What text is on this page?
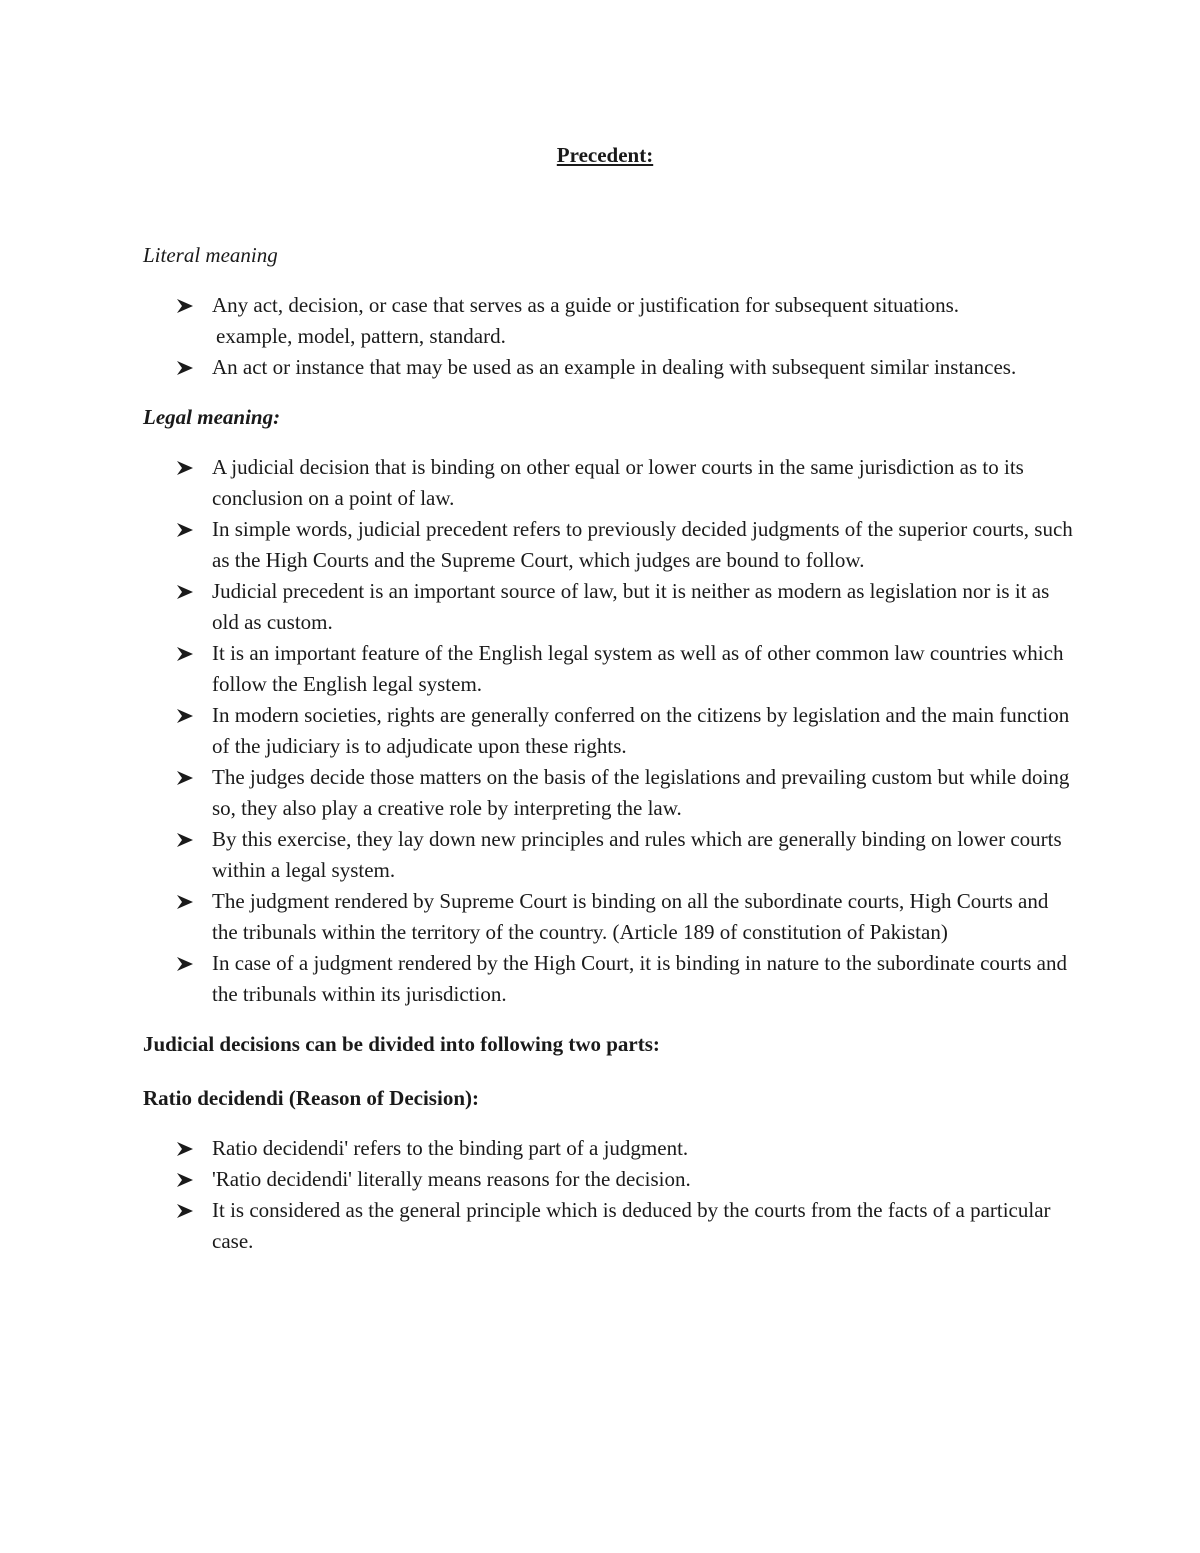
Precedent:

Literal meaning

Any act, decision, or case that serves as a guide or justification for subsequent situations.
example, model, pattern, standard.
An act or instance that may be used as an example in dealing with subsequent similar instances.

Legal meaning:

A judicial decision that is binding on other equal or lower courts in the same jurisdiction as to its conclusion on a point of law.
In simple words, judicial precedent refers to previously decided judgments of the superior courts, such as the High Courts and the Supreme Court, which judges are bound to follow.
Judicial precedent is an important source of law, but it is neither as modern as legislation nor is it as old as custom.
It is an important feature of the English legal system as well as of other common law countries which follow the English legal system.
In modern societies, rights are generally conferred on the citizens by legislation and the main function of the judiciary is to adjudicate upon these rights.
The judges decide those matters on the basis of the legislations and prevailing custom but while doing so, they also play a creative role by interpreting the law.
By this exercise, they lay down new principles and rules which are generally binding on lower courts within a legal system.
The judgment rendered by Supreme Court is binding on all the subordinate courts, High Courts and the tribunals within the territory of the country. (Article 189 of constitution of Pakistan)
In case of a judgment rendered by the High Court, it is binding in nature to the subordinate courts and the tribunals within its jurisdiction.

Judicial decisions can be divided into following two parts:

Ratio decidendi (Reason of Decision):

Ratio decidendi' refers to the binding part of a judgment.
'Ratio decidendi' literally means reasons for the decision.
It is considered as the general principle which is deduced by the courts from the facts of a particular case.
